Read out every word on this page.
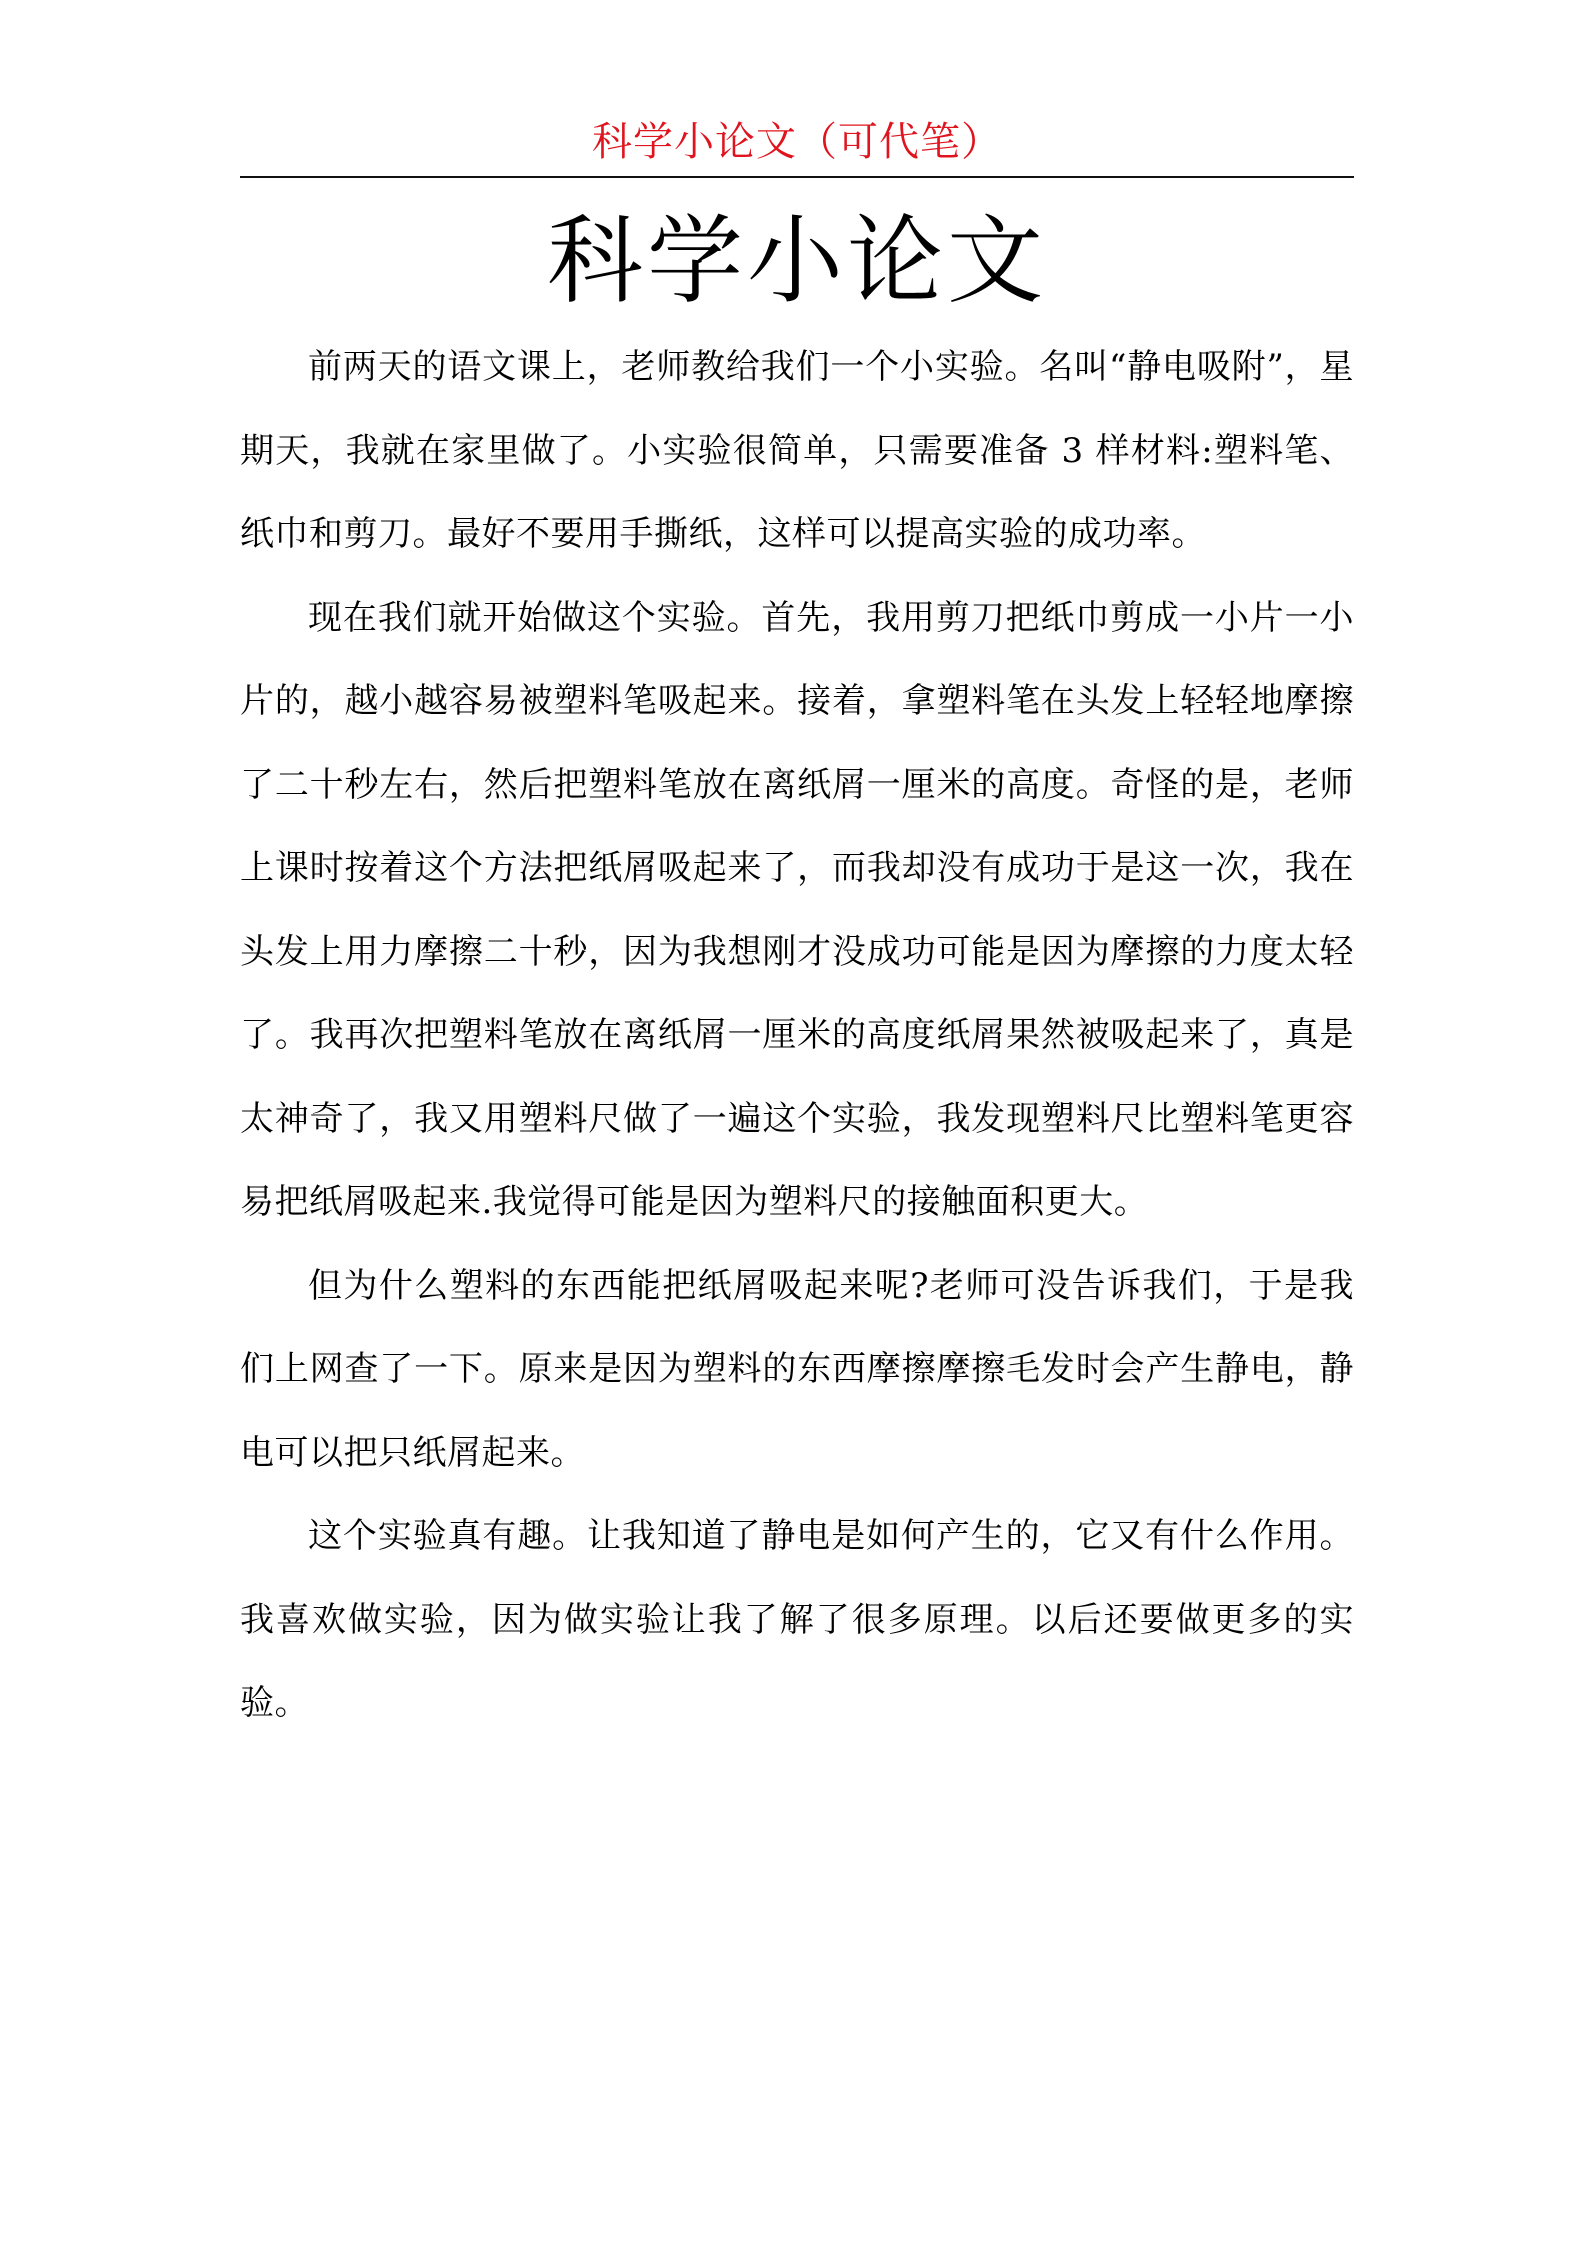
科学小论文（可代笔）
科学小论文

前两天的语文课上，老师教给我们一个小实验。名叫“静电吸附”，星期天，我就在家里做了。小实验很简单，只需要准备 3 样材料:塑料笔、纸巾和剪刀。最好不要用手撕纸，这样可以提高实验的成功率。

现在我们就开始做这个实验。首先，我用剪刀把纸巾剪成一小片一小片的，越小越容易被塑料笔吸起来。接着，拿塑料笔在头发上轻轻地摩擦了二十秒左右，然后把塑料笔放在离纸屑一厘米的高度。奇怪的是，老师上课时按着这个方法把纸屑吸起来了，而我却没有成功于是这一次，我在头发上用力摩擦二十秒，因为我想刚才没成功可能是因为摩擦的力度太轻了。我再次把塑料笔放在离纸屑一厘米的高度纸屑果然被吸起来了，真是太神奇了，我又用塑料尺做了一遍这个实验，我发现塑料尺比塑料笔更容易把纸屑吸起来.我觉得可能是因为塑料尺的接触面积更大。

但为什么塑料的东西能把纸屑吸起来呢?老师可没告诉我们，于是我们上网查了一下。原来是因为塑料的东西摩擦摩擦毛发时会产生静电，静电可以把只纸屑起来。

这个实验真有趣。让我知道了静电是如何产生的，它又有什么作用。我喜欢做实验，因为做实验让我了解了很多原理。以后还要做更多的实验。
